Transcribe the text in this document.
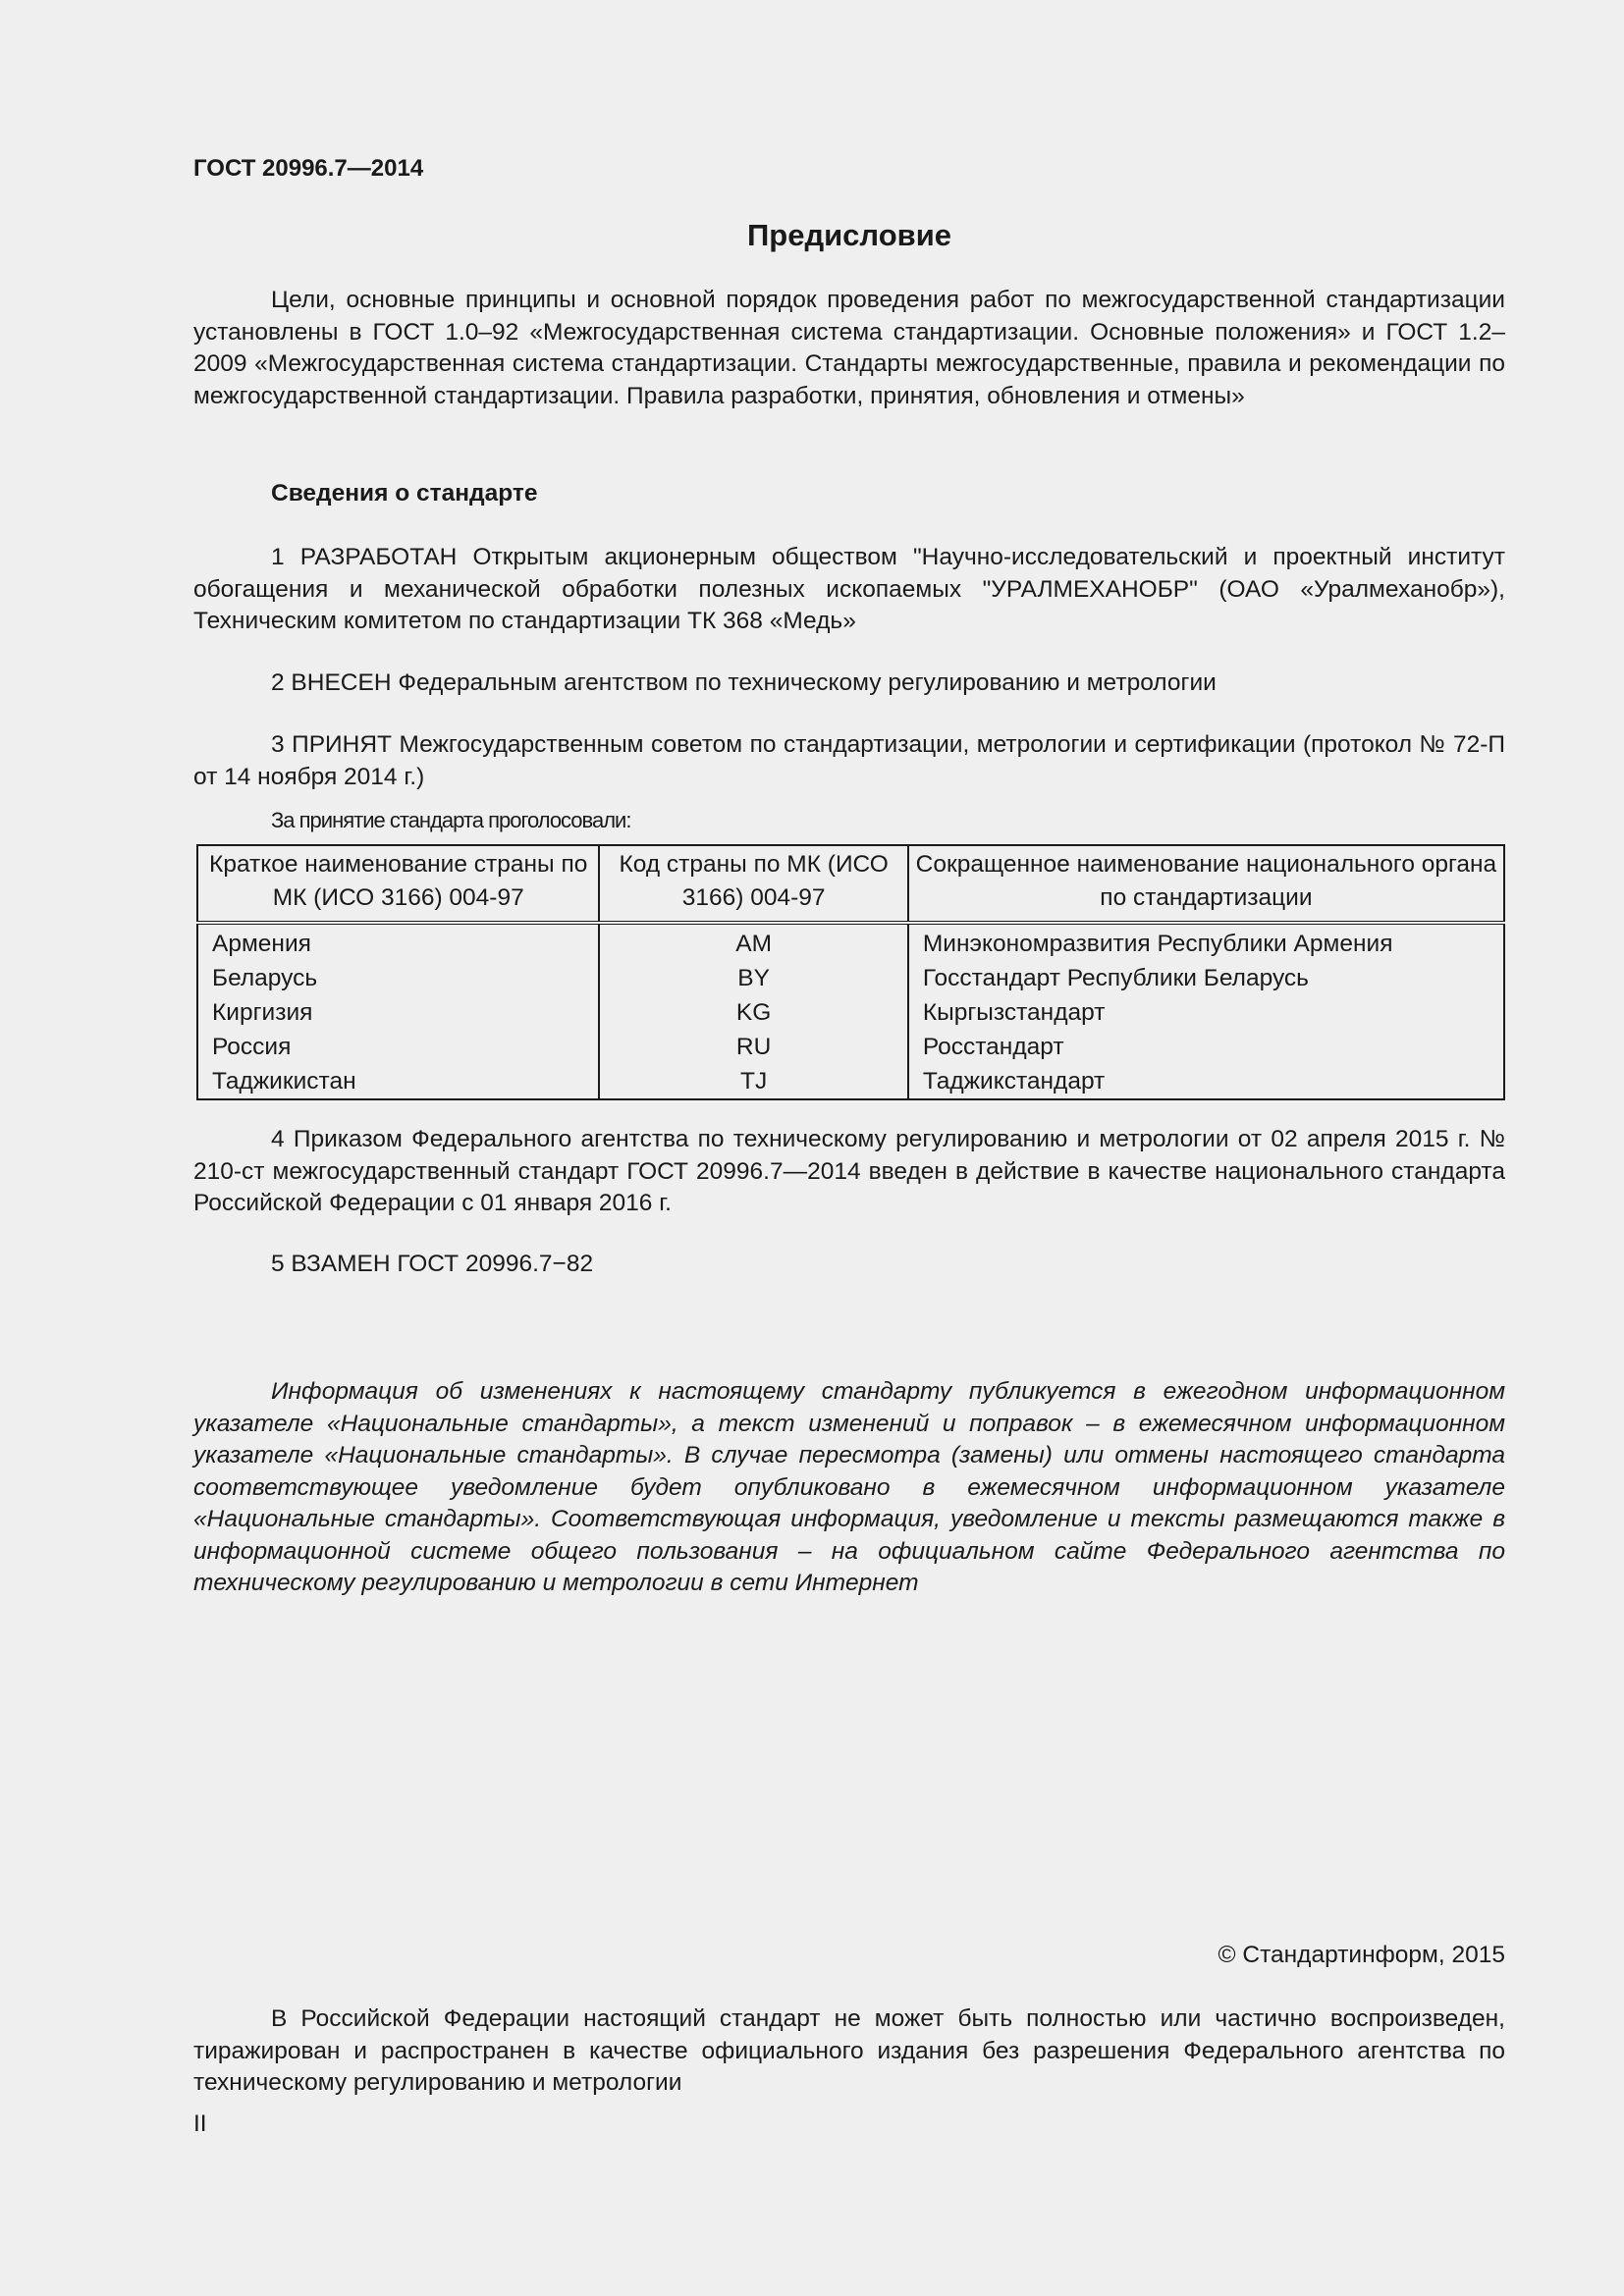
ГОСТ 20996.7—2014
Предисловие
Цели, основные принципы и основной порядок проведения работ по межгосударственной стандартизации установлены в ГОСТ 1.0–92 «Межгосударственная система стандартизации. Основные положения» и ГОСТ 1.2–2009 «Межгосударственная система стандартизации. Стандарты межгосударственные, правила и рекомендации по межгосударственной стандартизации. Правила разработки, принятия, обновления и отмены»
Сведения о стандарте
1 РАЗРАБОТАН Открытым акционерным обществом "Научно-исследовательский и проектный институт обогащения и механической обработки полезных ископаемых "УРАЛМЕХАНОБР" (ОАО «Уралмеханобр»), Техническим комитетом по стандартизации ТК 368 «Медь»
2 ВНЕСЕН Федеральным агентством по техническому регулированию и метрологии
3 ПРИНЯТ Межгосударственным советом по стандартизации, метрологии и сертификации (протокол № 72-П от 14 ноября 2014 г.)
За принятие стандарта проголосовали:
Краткое наименование страны по МК (ИСО 3166) 004-97	Код страны по МК (ИСО 3166) 004-97	Сокращенное наименование национального органа по стандартизации
Армения	AM	Минэкономразвития Республики Армения
Беларусь	BY	Госстандарт Республики Беларусь
Киргизия	KG	Кыргызстандарт
Россия	RU	Росстандарт
Таджикистан	TJ	Таджикстандарт
4 Приказом Федерального агентства по техническому регулированию и метрологии от 02 апреля 2015 г. № 210-ст межгосударственный стандарт ГОСТ 20996.7—2014 введен в действие в качестве национального стандарта Российской Федерации с 01 января 2016 г.
5 ВЗАМЕН ГОСТ 20996.7−82
Информация об изменениях к настоящему стандарту публикуется в ежегодном информационном указателе «Национальные стандарты», а текст изменений и поправок – в ежемесячном информационном указателе «Национальные стандарты». В случае пересмотра (замены) или отмены настоящего стандарта соответствующее уведомление будет опубликовано в ежемесячном информационном указателе «Национальные стандарты». Соответствующая информация, уведомление и тексты размещаются также в информационной системе общего пользования – на официальном сайте Федерального агентства по техническому регулированию и метрологии в сети Интернет
© Стандартинформ, 2015
В Российской Федерации настоящий стандарт не может быть полностью или частично воспроизведен, тиражирован и распространен в качестве официального издания без разрешения Федерального агентства по техническому регулированию и метрологии
II
